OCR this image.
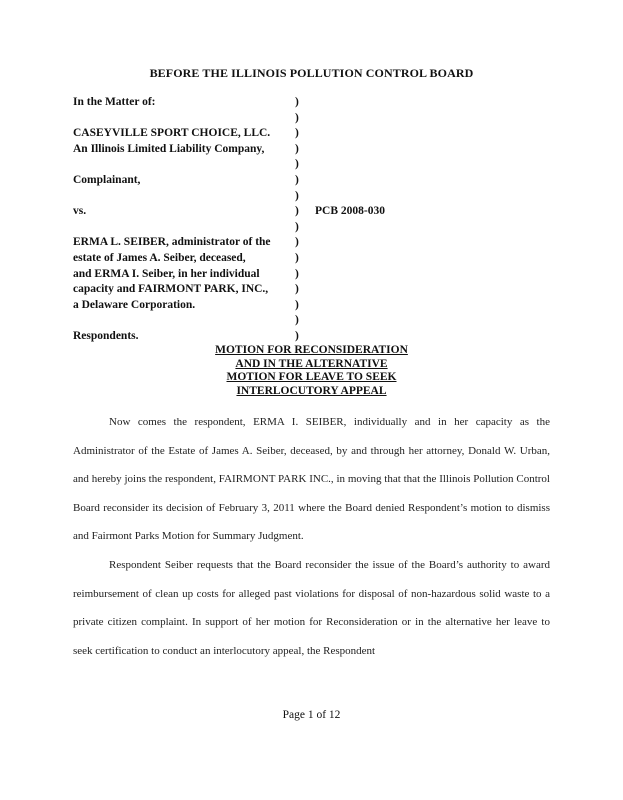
BEFORE THE ILLINOIS POLLUTION CONTROL BOARD
In the Matter of:	)
)
CASEYVILLE SPORT CHOICE, LLC.	)
An Illinois Limited Liability Company,	)
)
Complainant,	)
)
vs.	)	PCB 2008-030
)
ERMA L. SEIBER, administrator of the	)
estate of James A. Seiber, deceased,	)
and ERMA I. Seiber, in her individual	)
capacity and FAIRMONT PARK, INC.,	)
a Delaware Corporation.	)
)
Respondents.	)
MOTION FOR RECONSIDERATION
AND IN THE ALTERNATIVE
MOTION FOR LEAVE TO SEEK
INTERLOCUTORY APPEAL

Now comes the respondent, ERMA I. SEIBER, individually and in her capacity as the Administrator of the Estate of James A. Seiber, deceased, by and through her attorney, Donald W. Urban, and hereby joins the respondent, FAIRMONT PARK INC., in moving that that the Illinois Pollution Control Board reconsider its decision of February 3, 2011 where the Board denied Respondent’s motion to dismiss and Fairmont Parks Motion for Summary Judgment.

Respondent Seiber requests that the Board reconsider the issue of the Board’s authority to award reimbursement of clean up costs for alleged past violations for disposal of non-hazardous solid waste to a private citizen complaint. In support of her motion for Reconsideration or in the alternative her leave to seek certification to conduct an interlocutory appeal, the Respondent

Page 1 of 12
